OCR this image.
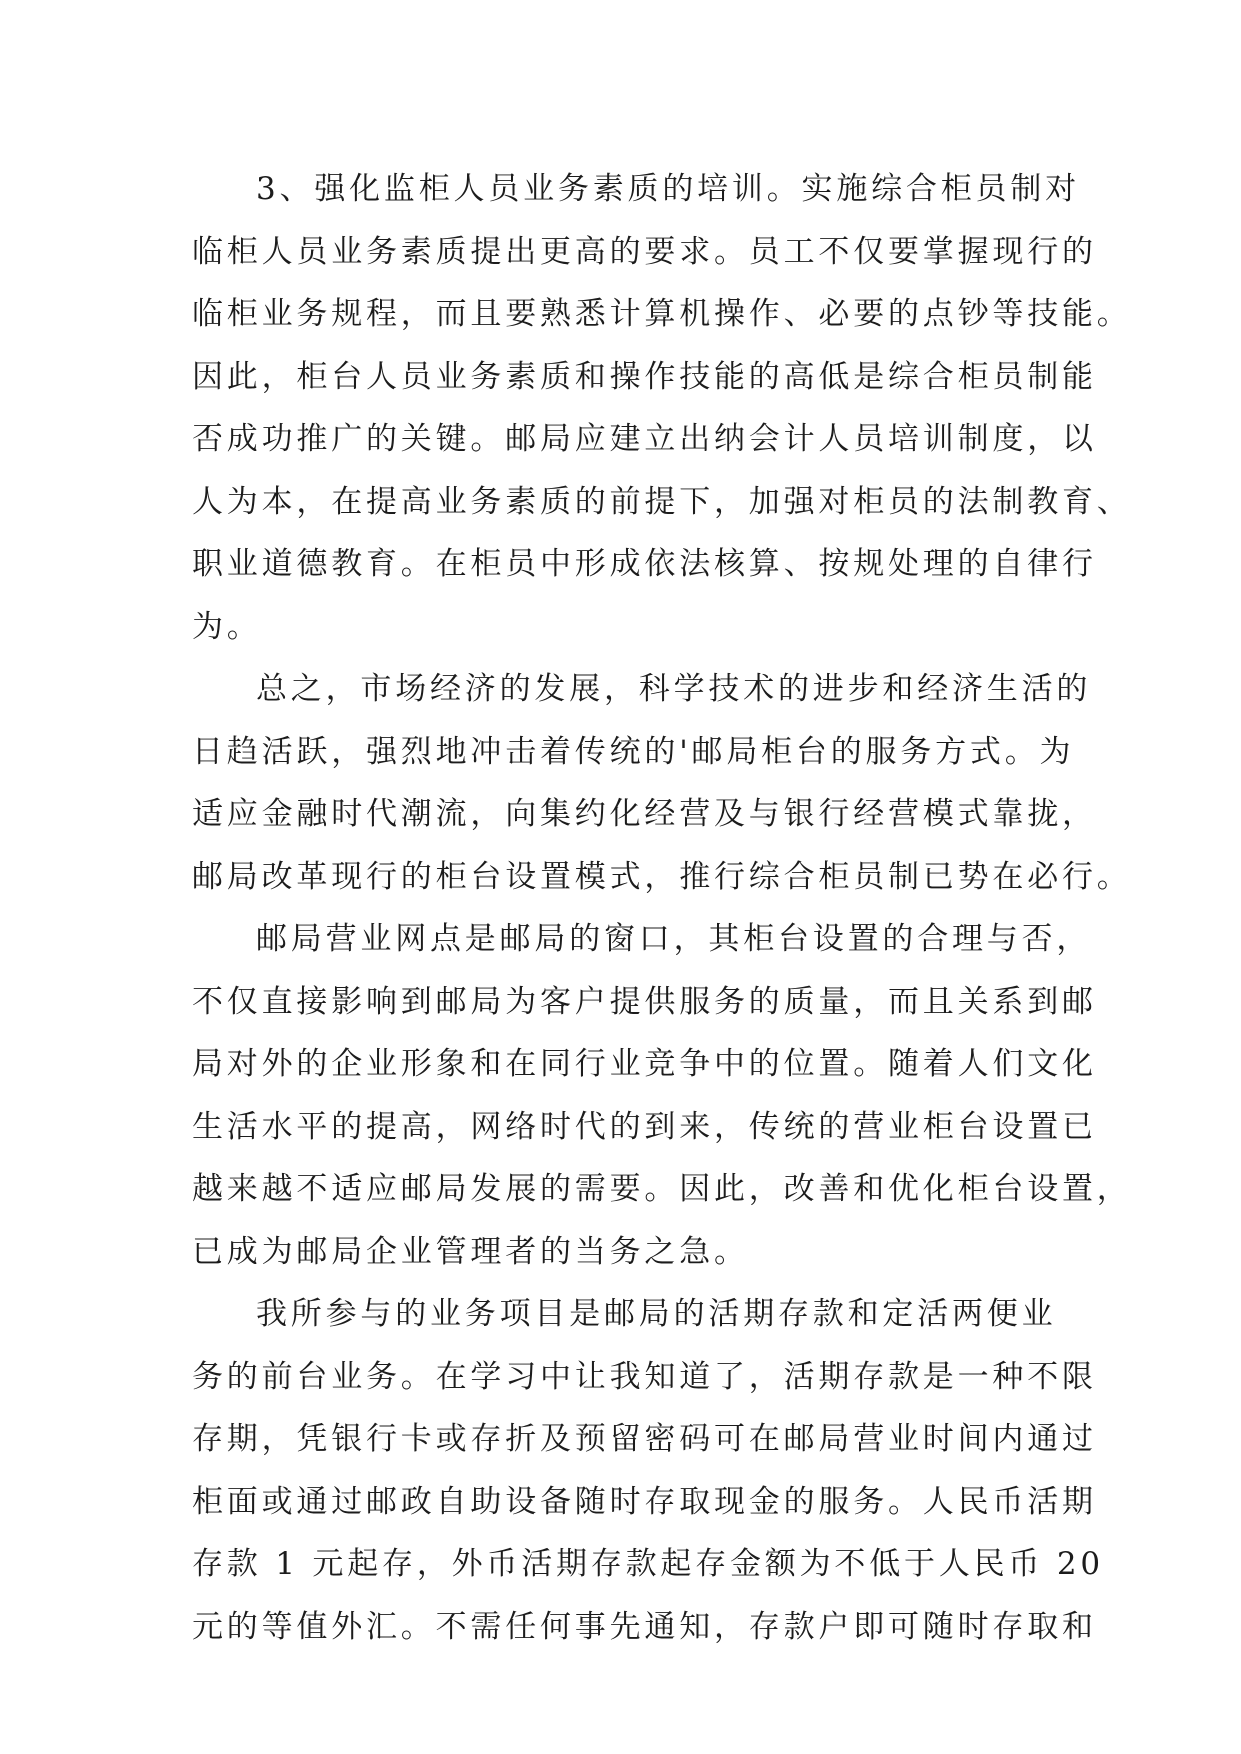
3、强化监柜人员业务素质的培训。实施综合柜员制对
临柜人员业务素质提出更高的要求。员工不仅要掌握现行的
临柜业务规程，而且要熟悉计算机操作、必要的点钞等技能。
因此，柜台人员业务素质和操作技能的高低是综合柜员制能
否成功推广的关键。邮局应建立出纳会计人员培训制度，以
人为本，在提高业务素质的前提下，加强对柜员的法制教育、
职业道德教育。在柜员中形成依法核算、按规处理的自律行
为。
总之，市场经济的发展，科学技术的进步和经济生活的
日趋活跃，强烈地冲击着传统的'邮局柜台的服务方式。为
适应金融时代潮流，向集约化经营及与银行经营模式靠拢，
邮局改革现行的柜台设置模式，推行综合柜员制已势在必行。
邮局营业网点是邮局的窗口，其柜台设置的合理与否，
不仅直接影响到邮局为客户提供服务的质量，而且关系到邮
局对外的企业形象和在同行业竞争中的位置。随着人们文化
生活水平的提高，网络时代的到来，传统的营业柜台设置已
越来越不适应邮局发展的需要。因此，改善和优化柜台设置，
已成为邮局企业管理者的当务之急。
我所参与的业务项目是邮局的活期存款和定活两便业
务的前台业务。在学习中让我知道了，活期存款是一种不限
存期，凭银行卡或存折及预留密码可在邮局营业时间内通过
柜面或通过邮政自助设备随时存取现金的服务。人民币活期
存款 1 元起存，外币活期存款起存金额为不低于人民币 20
元的等值外汇。不需任何事先通知，存款户即可随时存取和
